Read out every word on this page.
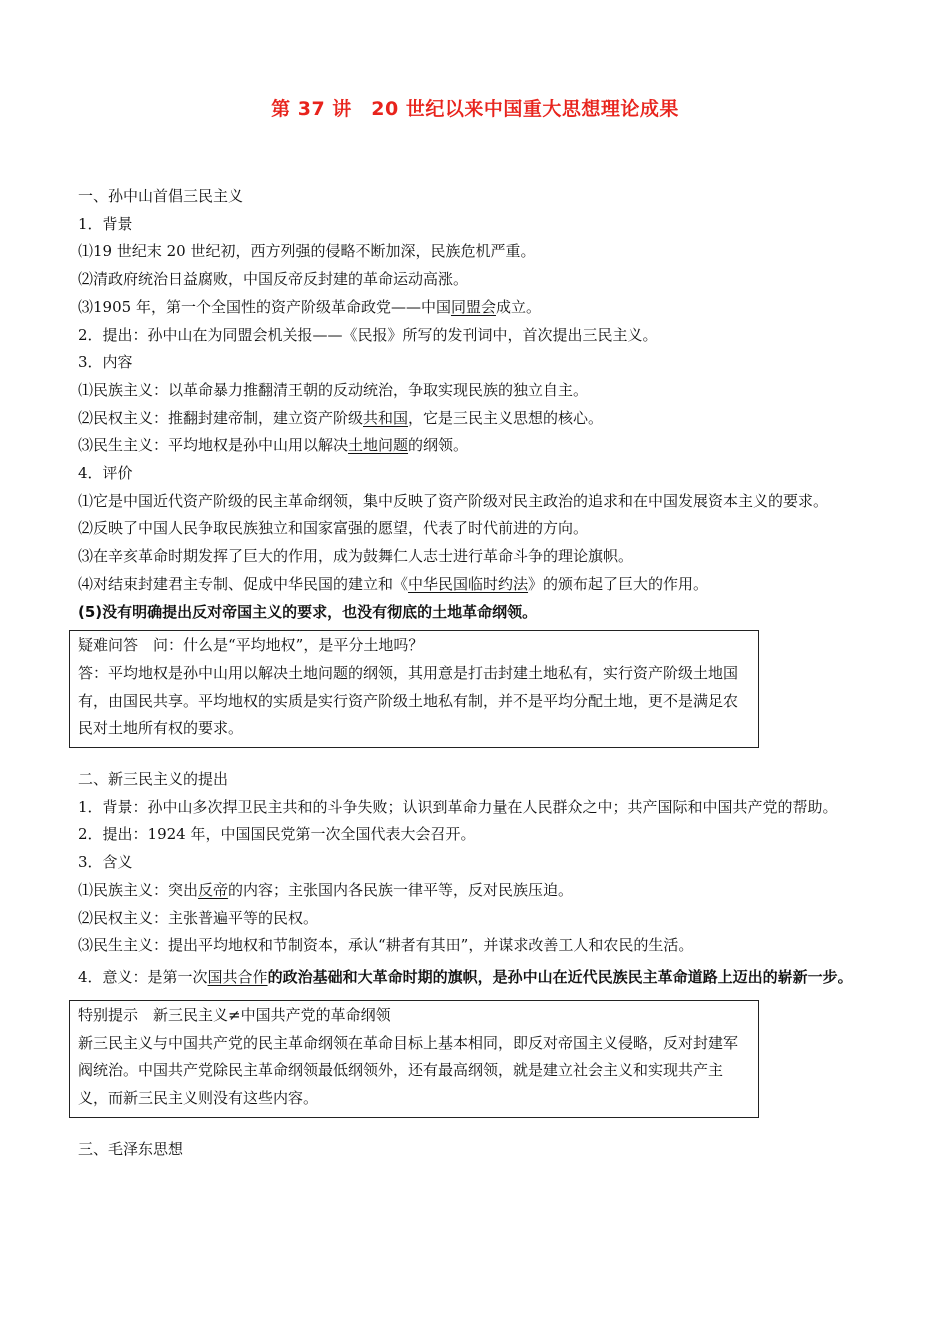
第 37 讲　20 世纪以来中国重大思想理论成果
一、孙中山首倡三民主义
1．背景
⑴19 世纪末 20 世纪初，西方列强的侵略不断加深，民族危机严重。
⑵清政府统治日益腐败，中国反帝反封建的革命运动高涨。
⑶1905 年，第一个全国性的资产阶级革命政党——中国同盟会成立。
2．提出：孙中山在为同盟会机关报——《民报》所写的发刊词中，首次提出三民主义。
3．内容
⑴民族主义：以革命暴力推翻清王朝的反动统治，争取实现民族的独立自主。
⑵民权主义：推翻封建帝制，建立资产阶级共和国，它是三民主义思想的核心。
⑶民生主义：平均地权是孙中山用以解决土地问题的纲领。
4．评价
⑴它是中国近代资产阶级的民主革命纲领，集中反映了资产阶级对民主政治的追求和在中国发展资本主义的要求。
⑵反映了中国人民争取民族独立和国家富强的愿望，代表了时代前进的方向。
⑶在辛亥革命时期发挥了巨大的作用，成为鼓舞仁人志士进行革命斗争的理论旗帜。
⑷对结束封建君主专制、促成中华民国的建立和《中华民国临时约法》的颁布起了巨大的作用。
(5)没有明确提出反对帝国主义的要求，也没有彻底的土地革命纲领。
疑难问答　问：什么是“平均地权”，是平分土地吗？
答：平均地权是孙中山用以解决土地问题的纲领，其用意是打击封建土地私有，实行资产阶级土地国有，由国民共享。平均地权的实质是实行资产阶级土地私有制，并不是平均分配土地，更不是满足农民对土地所有权的要求。
二、新三民主义的提出
1．背景：孙中山多次捍卫民主共和的斗争失败；认识到革命力量在人民群众之中；共产国际和中国共产党的帮助。
2．提出：1924 年，中国国民党第一次全国代表大会召开。
3．含义
⑴民族主义：突出反帝的内容；主张国内各民族一律平等，反对民族压迫。
⑵民权主义：主张普遍平等的民权。
⑶民生主义：提出平均地权和节制资本，承认“耕者有其田”，并谋求改善工人和农民的生活。
4．意义：是第一次国共合作的政治基础和大革命时期的旗帜，是孙中山在近代民族民主革命道路上迈出的崭新一步。
特别提示　新三民主义≠中国共产党的革命纲领
新三民主义与中国共产党的民主革命纲领在革命目标上基本相同，即反对帝国主义侵略，反对封建军阀统治。中国共产党除民主革命纲领最低纲领外，还有最高纲领，就是建立社会主义和实现共产主义，而新三民主义则没有这些内容。
三、毛泽东思想
